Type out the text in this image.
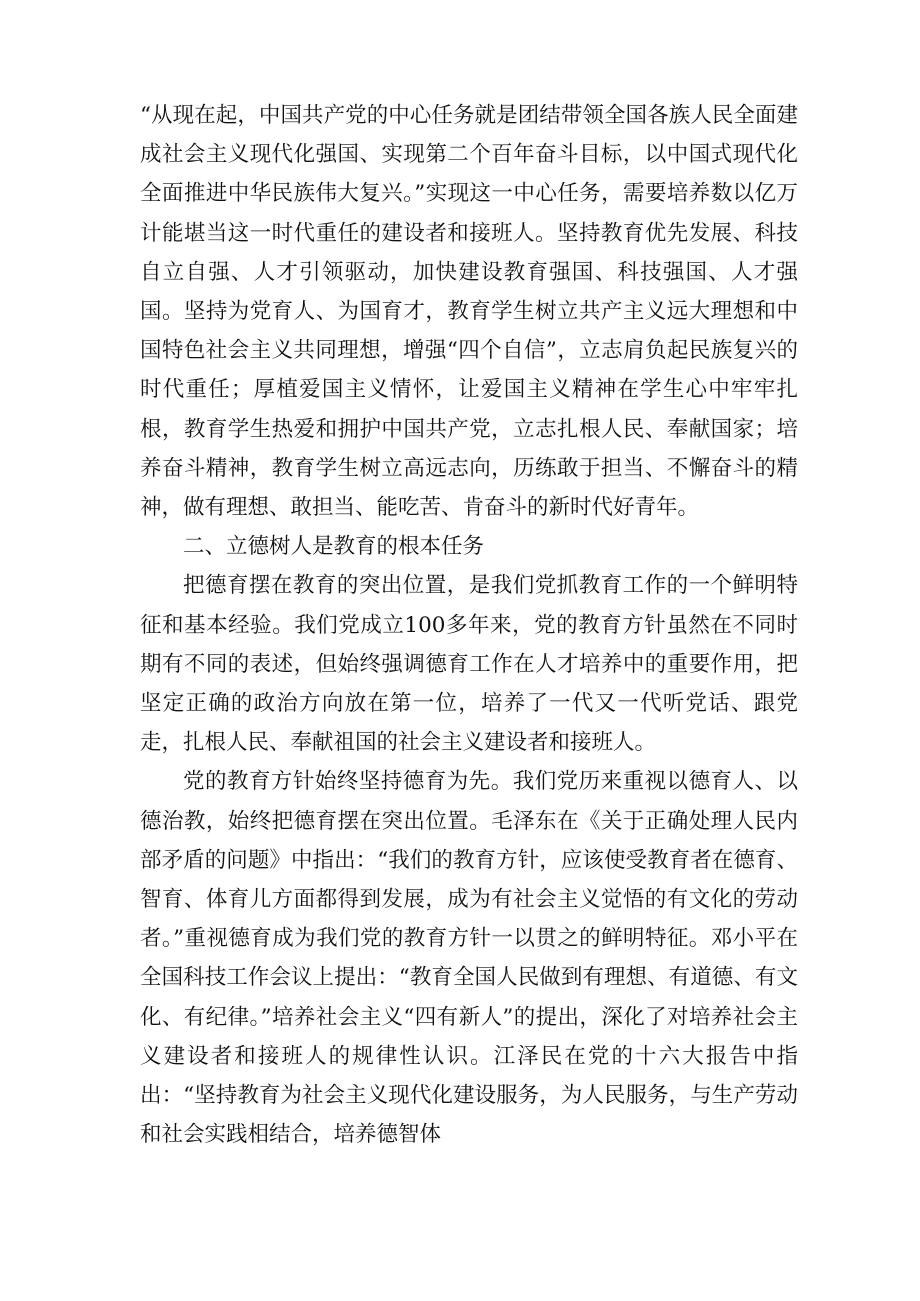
“从现在起，中国共产党的中心任务就是团结带领全国各族人民全面建成社会主义现代化强国、实现第二个百年奋斗目标，以中国式现代化全面推进中华民族伟大复兴。”实现这一中心任务，需要培养数以亿万计能堪当这一时代重任的建设者和接班人。坚持教育优先发展、科技自立自强、人才引领驱动，加快建设教育强国、科技强国、人才强国。坚持为党育人、为国育才，教育学生树立共产主义远大理想和中国特色社会主义共同理想，增强“四个自信”，立志肩负起民族复兴的时代重任；厚植爱国主义情怀，让爱国主义精神在学生心中牢牢扎根，教育学生热爱和拥护中国共产党，立志扎根人民、奉献国家；培养奋斗精神，教育学生树立高远志向，历练敢于担当、不懈奋斗的精神，做有理想、敢担当、能吃苦、肯奋斗的新时代好青年。

二、立德树人是教育的根本任务

把德育摆在教育的突出位置，是我们党抓教育工作的一个鲜明特征和基本经验。我们党成立100多年来，党的教育方针虽然在不同时期有不同的表述，但始终强调德育工作在人才培养中的重要作用，把坚定正确的政治方向放在第一位，培养了一代又一代听党话、跟党走，扎根人民、奉献祖国的社会主义建设者和接班人。

党的教育方针始终坚持德育为先。我们党历来重视以德育人、以德治教，始终把德育摆在突出位置。毛泽东在《关于正确处理人民内部矛盾的问题》中指出：“我们的教育方针，应该使受教育者在德育、智育、体育儿方面都得到发展，成为有社会主义觉悟的有文化的劳动者。”重视德育成为我们党的教育方针一以贯之的鲜明特征。邓小平在全国科技工作会议上提出：“教育全国人民做到有理想、有道德、有文化、有纪律。”培养社会主义“四有新人”的提出，深化了对培养社会主义建设者和接班人的规律性认识。江泽民在党的十六大报告中指出：“坚持教育为社会主义现代化建设服务，为人民服务，与生产劳动和社会实践相结合，培养德智体
